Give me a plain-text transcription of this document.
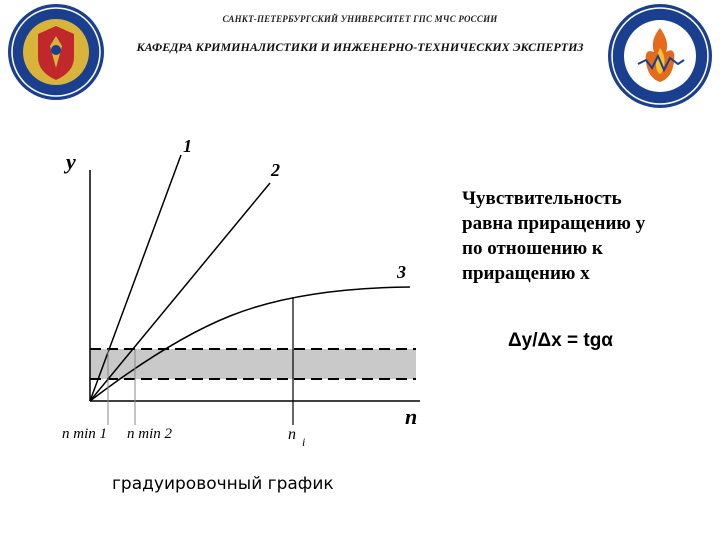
САНКТ-ПЕТЕРБУРГСКИЙ УНИВЕРСИТЕТ ГПС МЧС РОССИИ
КАФЕДРА КРИМИНАЛИСТИКИ И ИНЖЕНЕРНО-ТЕХНИЧЕСКИХ ЭКСПЕРТИЗ
y
n
1
2
3
n min 1 n min 2	n i
Чувствительность
равна приращению у
по отношению к
приращению х
Δy/Δx = tgα
градуировочный график
